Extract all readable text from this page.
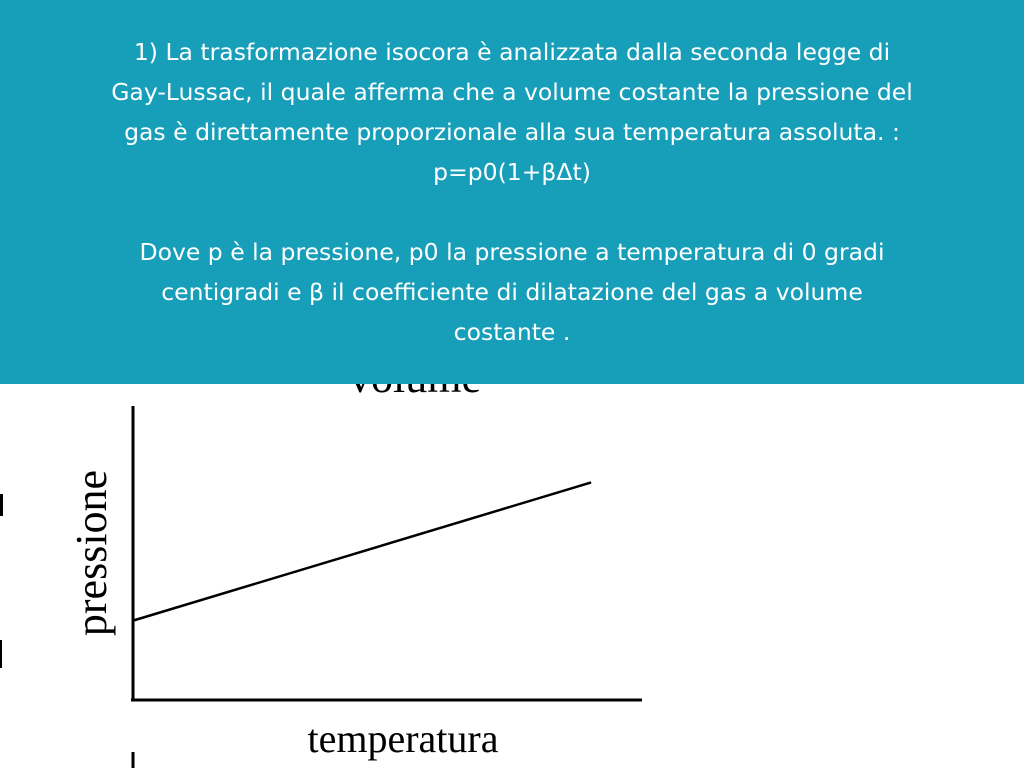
temperatura
pressione

1) La trasformazione isocora è analizzata dalla seconda legge di

Gay-Lussac, il quale afferma che a volume costante la pressione del

gas è direttamente proporzionale alla sua temperatura assoluta. :

p=p0(1+βΔt)

Dove p è la pressione, p0 la pressione a temperatura di 0 gradi

centigradi e β il coefficiente di dilatazione del gas a volume

costante .
